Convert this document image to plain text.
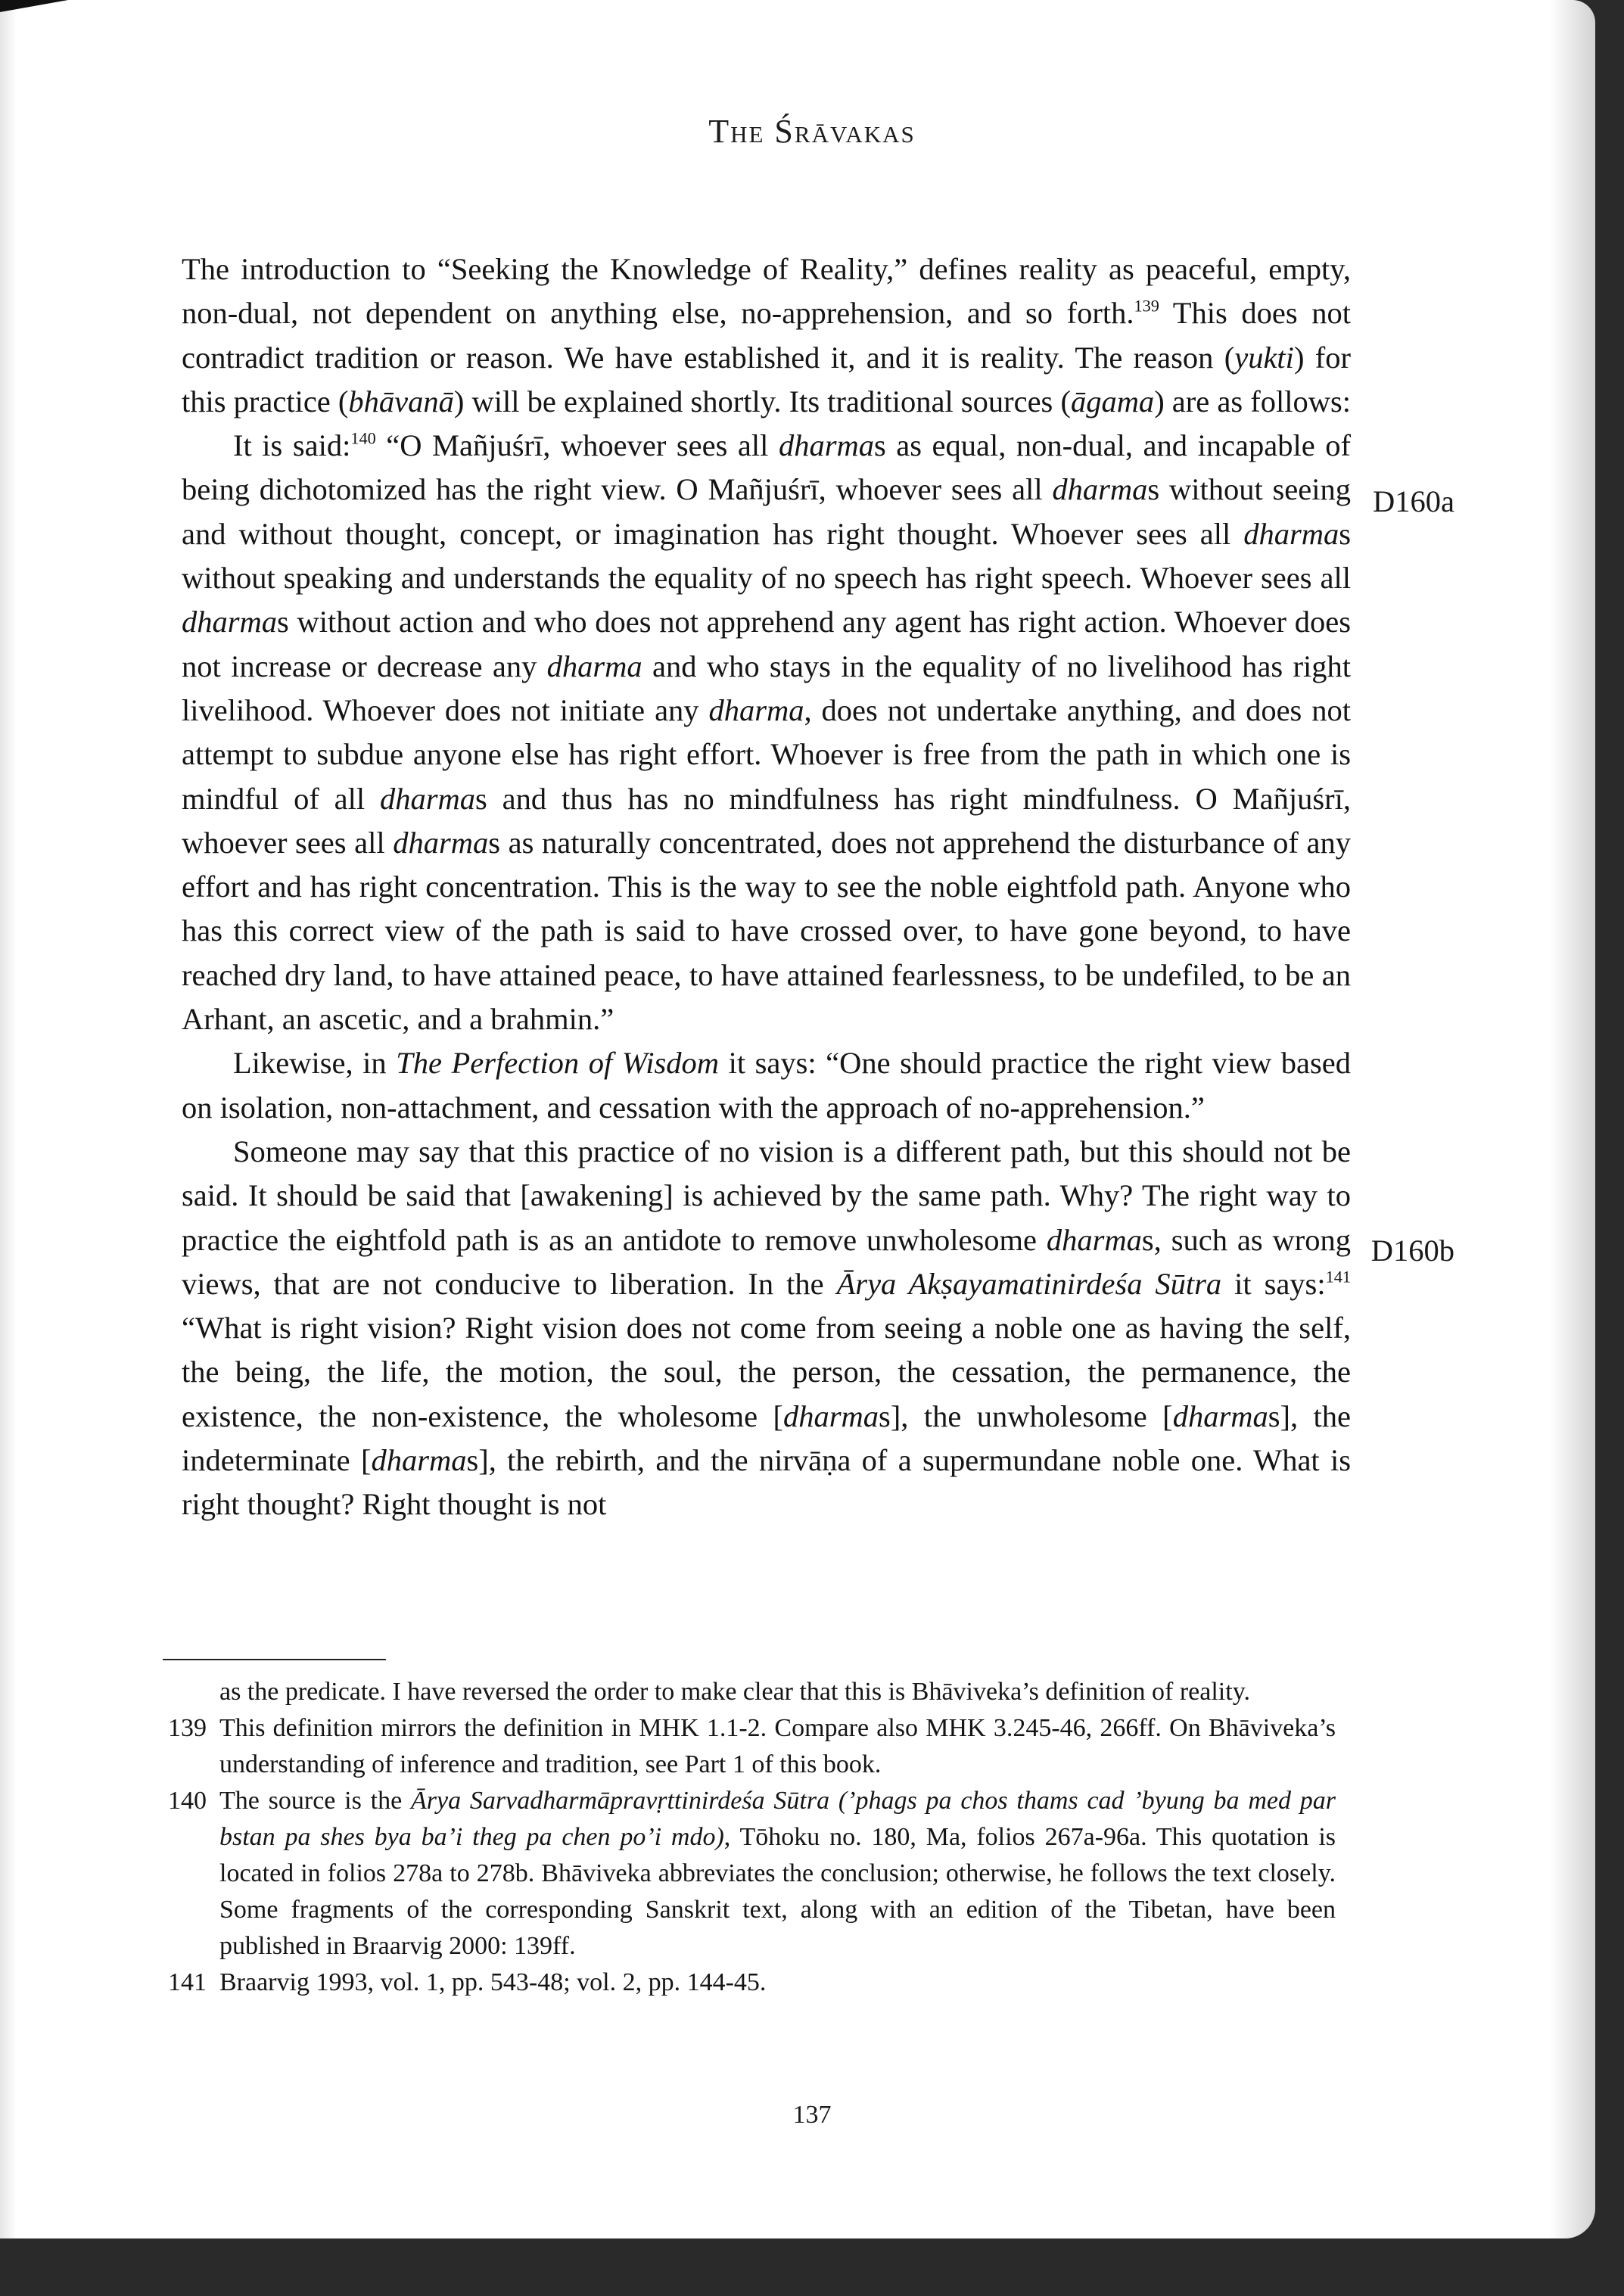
The Śrāvakas
D160a
D160b

The introduction to “Seeking the Knowledge of Reality,” defines reality as peaceful, empty, non-dual, not dependent on anything else, no-apprehension, and so forth.$^{139}$ This does not contradict tradition or reason. We have established it, and it is reality. The reason (yukti) for this practice (bhāvanā) will be explained shortly. Its traditional sources (āgama) are as follows:

It is said:$^{140}$ “O Mañjuśrī, whoever sees all dharmas as equal, non-dual, and incapable of being dichotomized has the right view. O Mañjuśrī, whoever sees all dharmas without seeing and without thought, concept, or imagination has right thought. Whoever sees all dharmas without speaking and understands the equality of no speech has right speech. Whoever sees all dharmas without action and who does not apprehend any agent has right action. Whoever does not increase or decrease any dharma and who stays in the equality of no livelihood has right livelihood. Whoever does not initiate any dharma, does not undertake anything, and does not attempt to subdue anyone else has right effort. Whoever is free from the path in which one is mindful of all dharmas and thus has no mindfulness has right mindfulness. O Mañjuśrī, whoever sees all dharmas as naturally concentrated, does not apprehend the disturbance of any effort and has right concentration. This is the way to see the noble eightfold path. Anyone who has this correct view of the path is said to have crossed over, to have gone beyond, to have reached dry land, to have attained peace, to have attained fearlessness, to be undefiled, to be an Arhant, an ascetic, and a brahmin.”

Likewise, in The Perfection of Wisdom it says: “One should practice the right view based on isolation, non-attachment, and cessation with the approach of no-apprehension.”

Someone may say that this practice of no vision is a different path, but this should not be said. It should be said that [awakening] is achieved by the same path. Why? The right way to practice the eightfold path is as an antidote to remove unwholesome dharmas, such as wrong views, that are not conducive to liberation. In the Ārya Akṣayamatinirdeśa Sūtra it says:$^{141}$ “What is right vision? Right vision does not come from seeing a noble one as having the self, the being, the life, the motion, the soul, the person, the cessation, the permanence, the existence, the non-existence, the wholesome [dharmas], the unwholesome [dharmas], the indeterminate [dharmas], the rebirth, and the nirvāṇa of a supermundane noble one. What is right thought? Right thought is not

as the predicate. I have reversed the order to make clear that this is Bhāviveka’s definition of reality.
139 This definition mirrors the definition in MHK 1.1-2. Compare also MHK 3.245-46, 266ff. On Bhāviveka’s understanding of inference and tradition, see Part 1 of this book.
140 The source is the Ārya Sarvadharmāpravṛttinirdeśa Sūtra (’phags pa chos thams cad ’byung ba med par bstan pa shes bya ba’i theg pa chen po’i mdo), Tōhoku no. 180, Ma, folios 267a-96a. This quotation is located in folios 278a to 278b. Bhāviveka abbreviates the conclusion; otherwise, he follows the text closely. Some fragments of the corresponding Sanskrit text, along with an edition of the Tibetan, have been published in Braarvig 2000: 139ff.
141 Braarvig 1993, vol. 1, pp. 543-48; vol. 2, pp. 144-45.
137
